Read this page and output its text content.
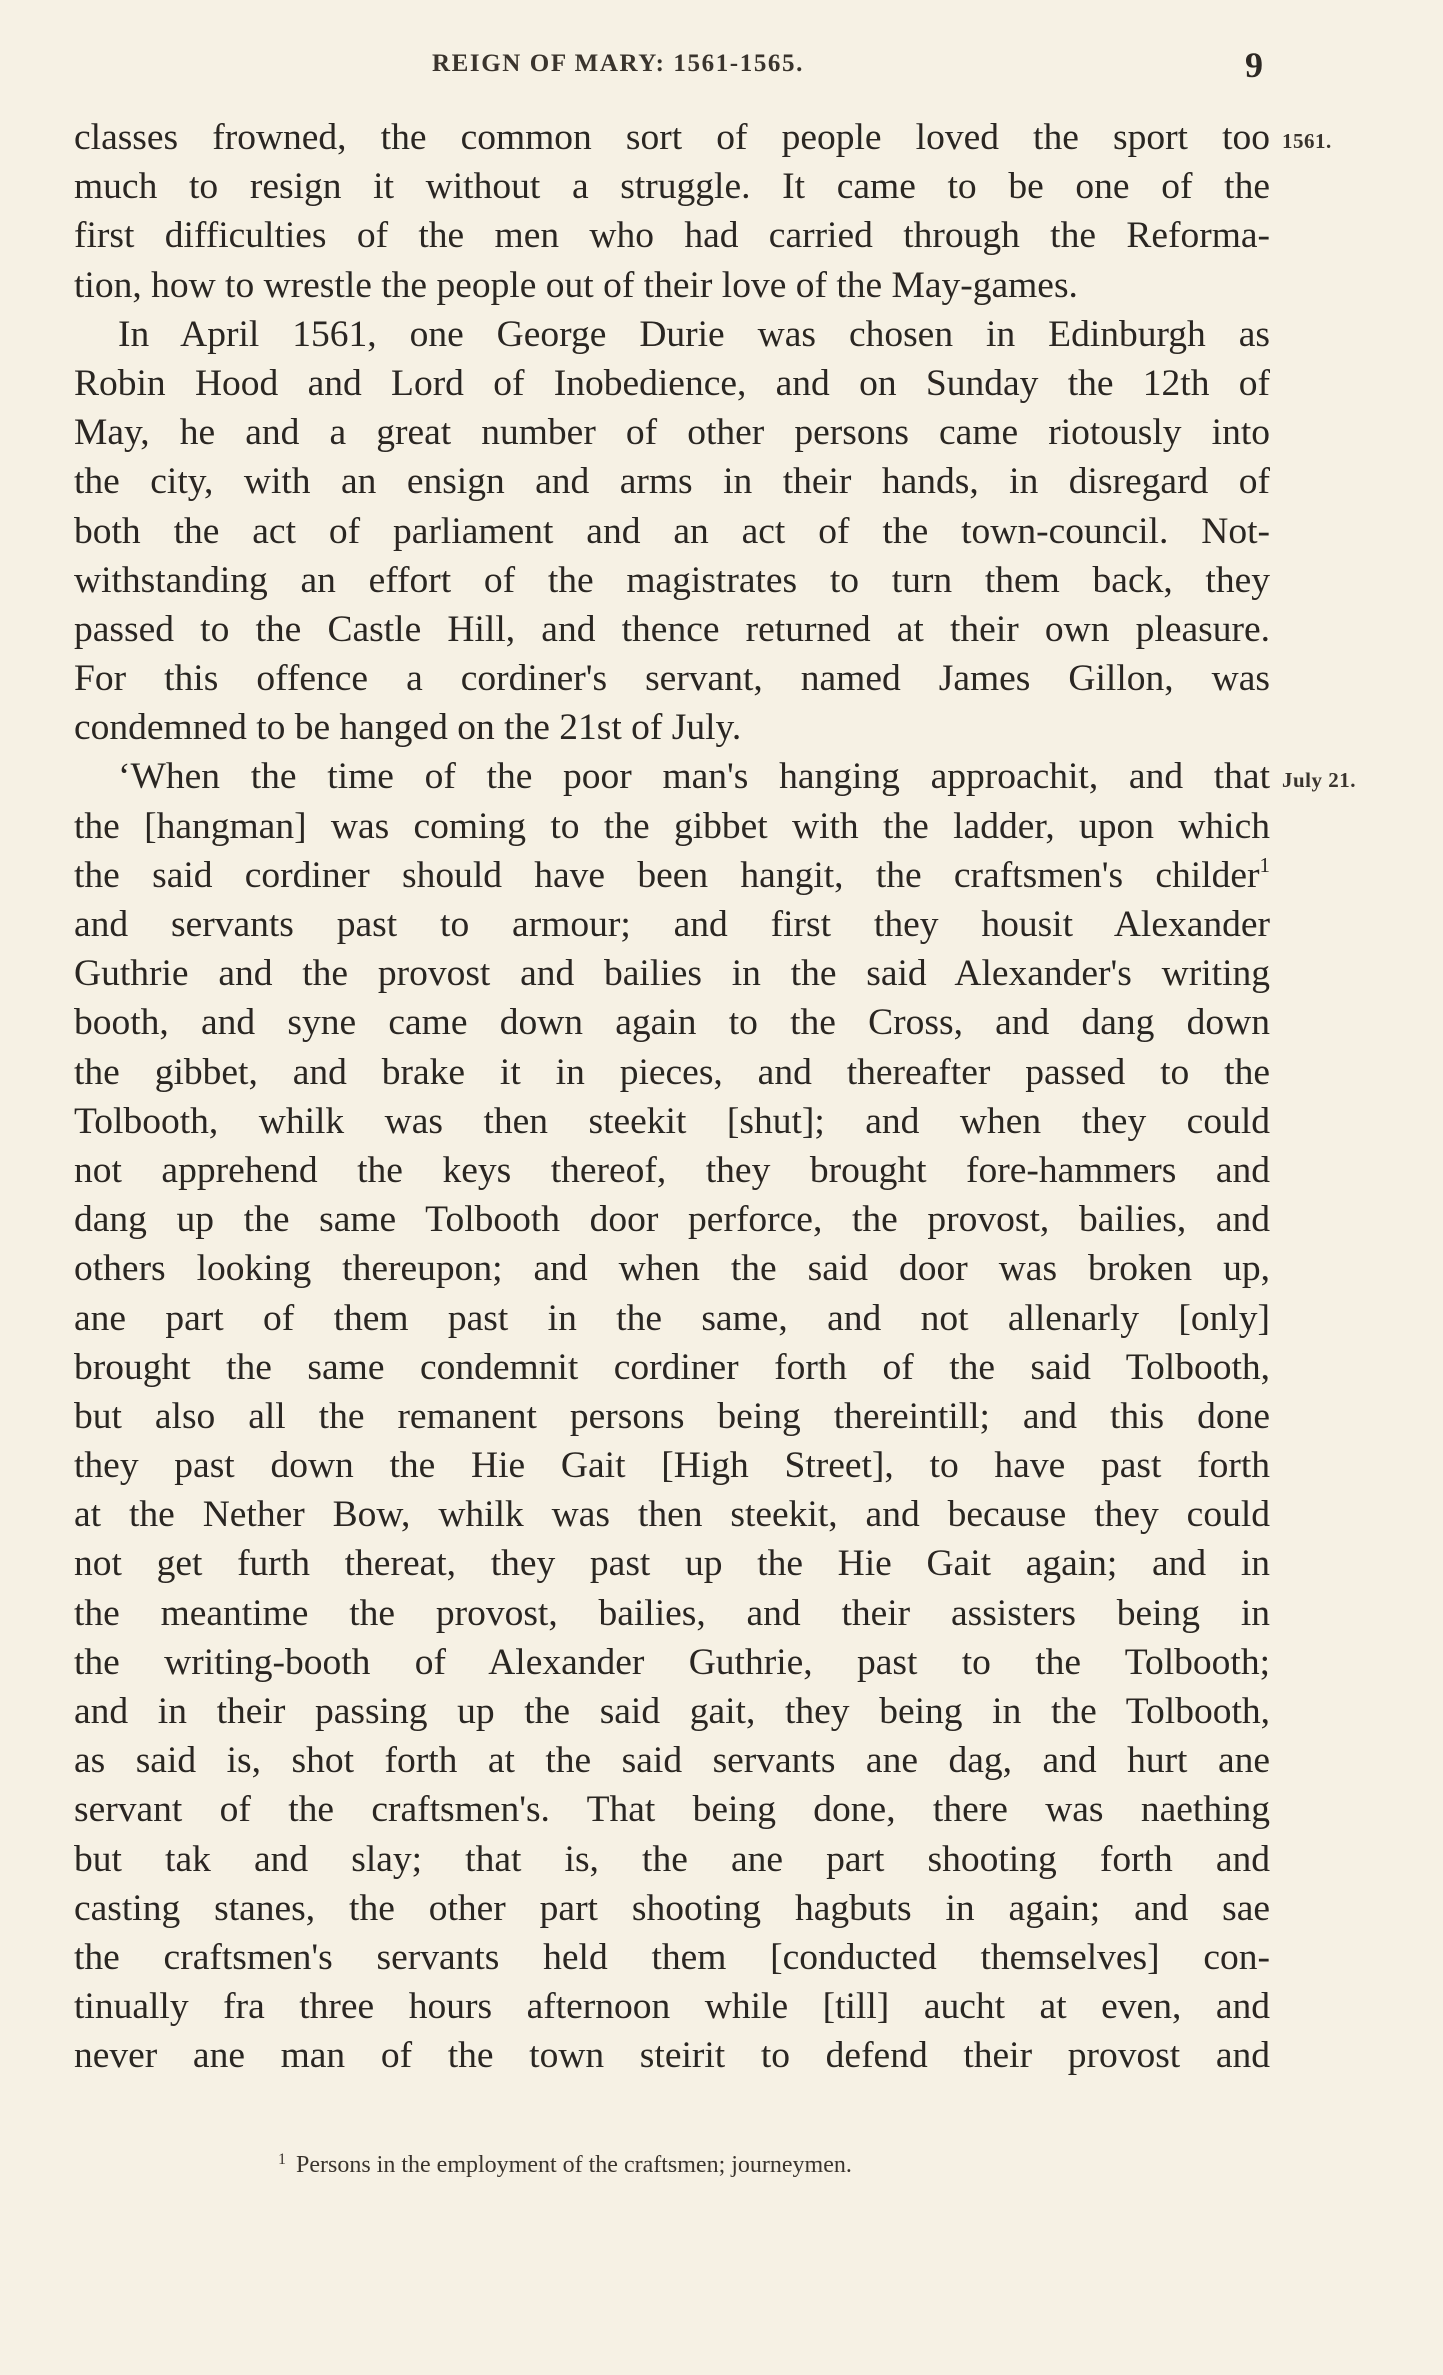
REIGN OF MARY: 1561-1565.	9
classes frowned, the common sort of people loved the sport too
much to resign it without a struggle. It came to be one of the
first difficulties of the men who had carried through the Reforma-
tion, how to wrestle the people out of their love of the May-games.
In April 1561, one George Durie was chosen in Edinburgh as
Robin Hood and Lord of Inobedience, and on Sunday the 12th of
May, he and a great number of other persons came riotously into
the city, with an ensign and arms in their hands, in disregard of
both the act of parliament and an act of the town-council. Not-
withstanding an effort of the magistrates to turn them back, they
passed to the Castle Hill, and thence returned at their own pleasure.
For this offence a cordiner's servant, named James Gillon, was
condemned to be hanged on the 21st of July.
‘When the time of the poor man's hanging approachit, and that
the [hangman] was coming to the gibbet with the ladder, upon which
the said cordiner should have been hangit, the craftsmen's childer$^1$
and servants past to armour; and first they housit Alexander
Guthrie and the provost and bailies in the said Alexander's writing
booth, and syne came down again to the Cross, and dang down
the gibbet, and brake it in pieces, and thereafter passed to the
Tolbooth, whilk was then steekit [shut]; and when they could
not apprehend the keys thereof, they brought fore-hammers and
dang up the same Tolbooth door perforce, the provost, bailies, and
others looking thereupon; and when the said door was broken up,
ane part of them past in the same, and not allenarly [only]
brought the same condemnit cordiner forth of the said Tolbooth,
but also all the remanent persons being thereintill; and this done
they past down the Hie Gait [High Street], to have past forth
at the Nether Bow, whilk was then steekit, and because they could
not get furth thereat, they past up the Hie Gait again; and in
the meantime the provost, bailies, and their assisters being in
the writing-booth of Alexander Guthrie, past to the Tolbooth;
and in their passing up the said gait, they being in the Tolbooth,
as said is, shot forth at the said servants ane dag, and hurt ane
servant of the craftsmen's. That being done, there was naething
but tak and slay; that is, the ane part shooting forth and
casting stanes, the other part shooting hagbuts in again; and sae
the craftsmen's servants held them [conducted themselves] con-
tinually fra three hours afternoon while [till] aucht at even, and
never ane man of the town steirit to defend their provost and
1561.
July 21.
$^1$ Persons in the employment of the craftsmen; journeymen.
